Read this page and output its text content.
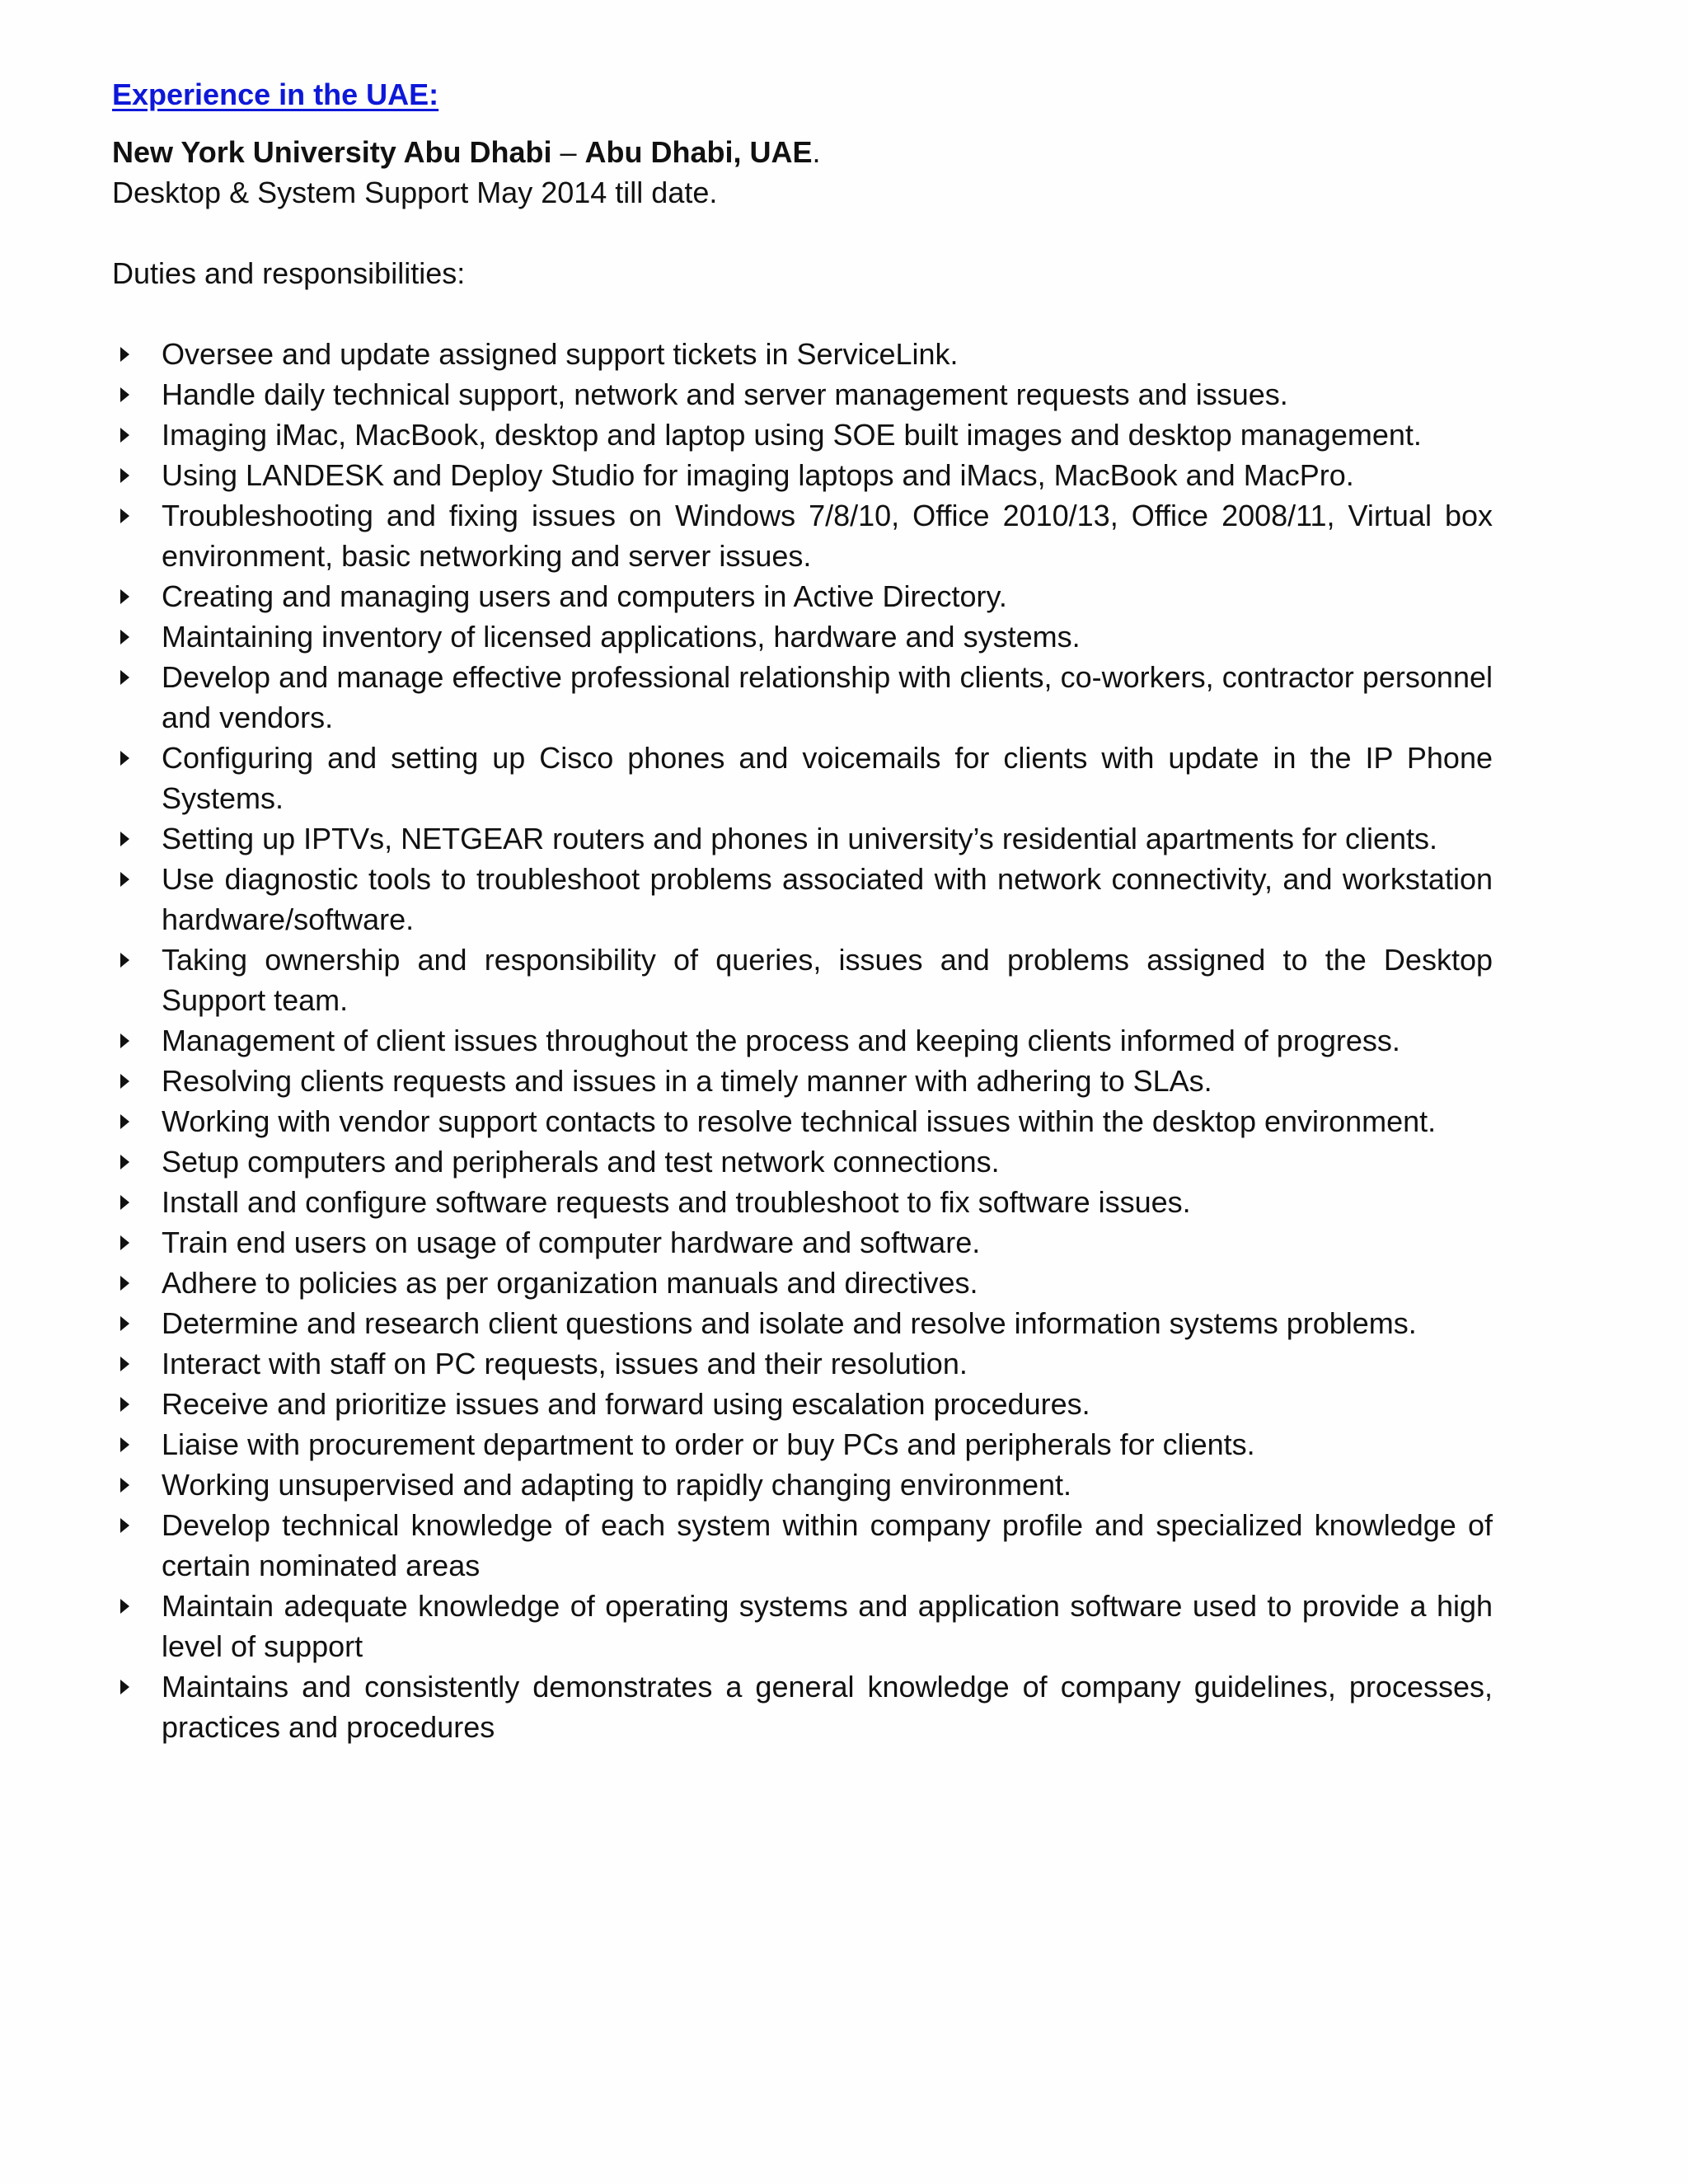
Experience in the UAE:

New York University Abu Dhabi – Abu Dhabi, UAE.

Desktop & System Support May 2014 till date.

Duties and responsibilities:

Oversee and update assigned support tickets in ServiceLink.
Handle daily technical support, network and server management requests and issues.
Imaging iMac, MacBook, desktop and laptop using SOE built images and desktop management.
Using LANDESK and Deploy Studio for imaging laptops and iMacs, MacBook and MacPro.
Troubleshooting and fixing issues on Windows 7/8/10, Office 2010/13, Office 2008/11, Virtual box environment, basic networking and server issues.
Creating and managing users and computers in Active Directory.
Maintaining inventory of licensed applications, hardware and systems.
Develop and manage effective professional relationship with clients, co-workers, contractor personnel and vendors.
Configuring and setting up Cisco phones and voicemails for clients with update in the IP Phone Systems.
Setting up IPTVs, NETGEAR routers and phones in university’s residential apartments for clients.
Use diagnostic tools to troubleshoot problems associated with network connectivity, and workstation hardware/software.
Taking ownership and responsibility of queries, issues and problems assigned to the Desktop Support team.
Management of client issues throughout the process and keeping clients informed of progress.
Resolving clients requests and issues in a timely manner with adhering to SLAs.
Working with vendor support contacts to resolve technical issues within the desktop environment.
Setup computers and peripherals and test network connections.
Install and configure software requests and troubleshoot to fix software issues.
Train end users on usage of computer hardware and software.
Adhere to policies as per organization manuals and directives.
Determine and research client questions and isolate and resolve information systems problems.
Interact with staff on PC requests, issues and their resolution.
Receive and prioritize issues and forward using escalation procedures.
Liaise with procurement department to order or buy PCs and peripherals for clients.
Working unsupervised and adapting to rapidly changing environment.
Develop technical knowledge of each system within company profile and specialized knowledge of certain nominated areas
Maintain adequate knowledge of operating systems and application software used to provide a high level of support
Maintains and consistently demonstrates a general knowledge of company guidelines, processes, practices and procedures
